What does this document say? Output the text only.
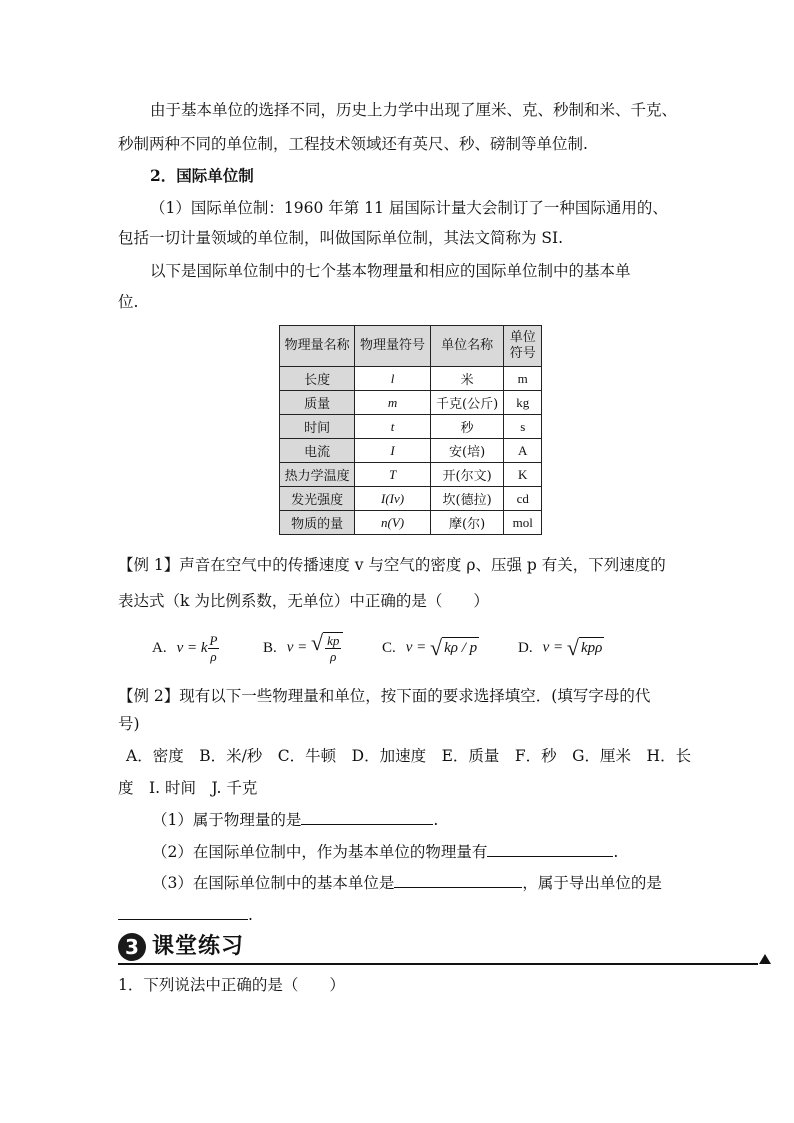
由于基本单位的选择不同，历史上力学中出现了厘米、克、秒制和米、千克、
秒制两种不同的单位制，工程技术领域还有英尺、秒、磅制等单位制.
2．国际单位制
（1）国际单位制：1960 年第 11 届国际计量大会制订了一种国际通用的、
包括一切计量领域的单位制，叫做国际单位制，其法文简称为 SI.
以下是国际单位制中的七个基本物理量和相应的国际单位制中的基本单
位.
物理量名称	物理量符号	单位名称	单位
符号
长度	l	米	m
质量	m	千克(公斤)	kg
时间	t	秒	s
电流	I	安(培)	A
热力学温度	T	开(尔文)	K
发光强度	I(Iv)	坎(德拉)	cd
物质的量	n(V)	摩(尔)	mol
【例 1】声音在空气中的传播速度 v 与空气的密度 ρ、压强 p 有关，下列速度的
表达式（k 为比例系数，无单位）中正确的是（　　）
A. v = k $\frac{P}{\rho}$	B. v = √ $\frac{kp}{\rho}$	C. v = √ kρ / p	D. v = √ kpρ
【例 2】现有以下一些物理量和单位，按下面的要求选择填空．(填写字母的代
号)
A．密度　B．米/秒　C．牛顿　D．加速度　E．质量　F．秒　G．厘米　H．长
度　I. 时间　J. 千克
（1）属于物理量的是	.
（2）在国际单位制中，作为基本单位的物理量有	.
（3）在国际单位制中的基本单位是	，属于导出单位的是
.
3 课堂练习
1．下列说法中正确的是（　　）
